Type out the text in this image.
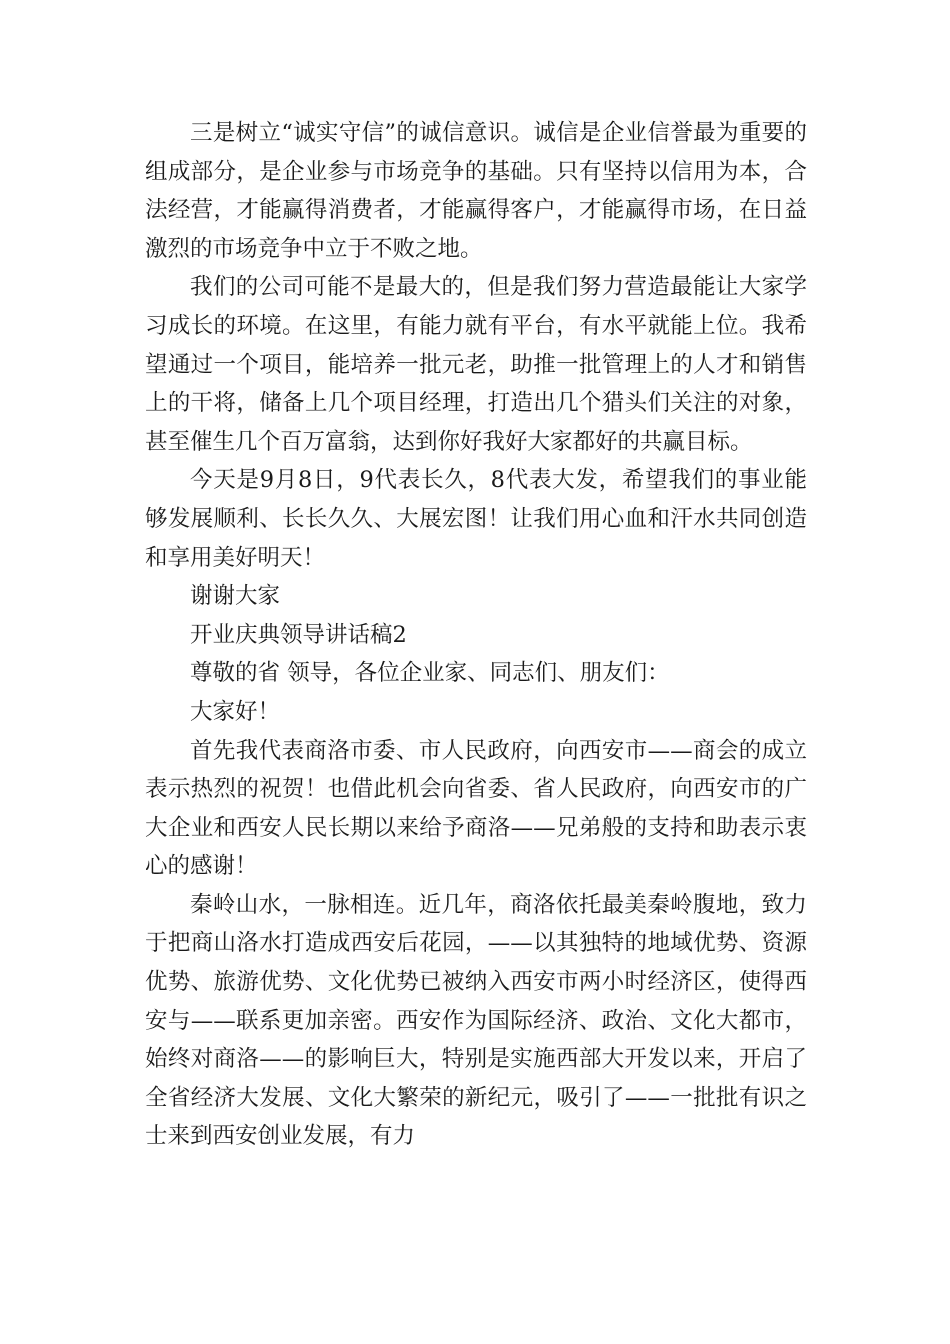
三是树立“诚实守信”的诚信意识。诚信是企业信誉最为重要的组成部分，是企业参与市场竞争的基础。只有坚持以信用为本，合法经营，才能赢得消费者，才能赢得客户，才能赢得市场，在日益激烈的市场竞争中立于不败之地。

我们的公司可能不是最大的，但是我们努力营造最能让大家学习成长的环境。在这里，有能力就有平台，有水平就能上位。我希望通过一个项目，能培养一批元老，助推一批管理上的人才和销售上的干将，储备上几个项目经理，打造出几个猎头们关注的对象，甚至催生几个百万富翁，达到你好我好大家都好的共赢目标。

今天是9月8日，9代表长久，8代表大发，希望我们的事业能够发展顺利、长长久久、大展宏图！让我们用心血和汗水共同创造和享用美好明天！

谢谢大家

开业庆典领导讲话稿2

尊敬的省 领导，各位企业家、同志们、朋友们：

大家好！

首先我代表商洛市委、市人民政府，向西安市——商会的成立表示热烈的祝贺！也借此机会向省委、省人民政府，向西安市的广大企业和西安人民长期以来给予商洛——兄弟般的支持和助表示衷心的感谢！

秦岭山水，一脉相连。近几年，商洛依托最美秦岭腹地，致力于把商山洛水打造成西安后花园，——以其独特的地域优势、资源优势、旅游优势、文化优势已被纳入西安市两小时经济区，使得西安与——联系更加亲密。西安作为国际经济、政治、文化大都市，始终对商洛——的影响巨大，特别是实施西部大开发以来，开启了全省经济大发展、文化大繁荣的新纪元，吸引了——一批批有识之士来到西安创业发展，有力
